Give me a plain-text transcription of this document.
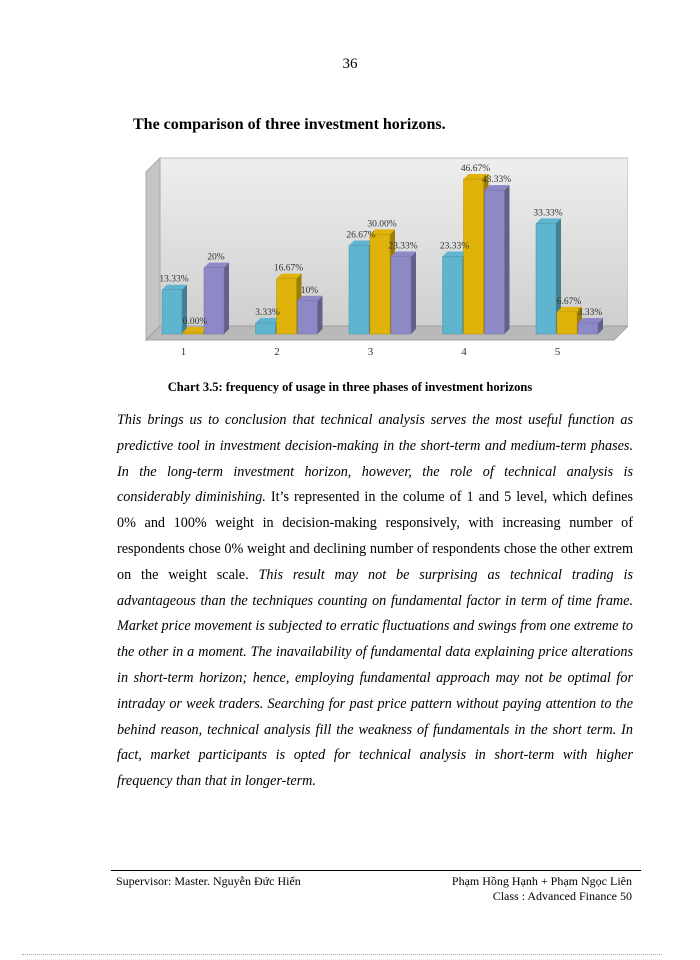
36
The comparison of three investment horizons.
13.33%
0.00%
20%
3.33%
16.67%
10%
26.67%
30.00%
23.33% 23.33%
46.67%
43.33%
33.33%
6.67%
3.33%
1	2	3	4	5
Chart 3.5: frequency of usage in three phases of investment horizons
This brings us to conclusion that technical analysis serves the most useful function as predictive tool in investment decision-making in the short-term and medium-term phases. In the long-term investment horizon, however, the role of technical analysis is considerably diminishing. It’s represented in the colume of 1 and 5 level, which defines 0% and 100% weight in decision-making responsively, with increasing number of respondents chose 0% weight and declining number of respondents chose the other extrem on the weight scale. This result may not be surprising as technical trading is advantageous than the techniques counting on fundamental factor in term of time frame. Market price movement is subjected to erratic fluctuations and swings from one extreme to the other in a moment. The inavailability of fundamental data explaining price alterations in short-term horizon; hence, employing fundamental approach may not be optimal for intraday or week traders. Searching for past price pattern without paying attention to the behind reason, technical analysis fill the weakness of fundamentals in the short term. In fact, market participants is opted for technical analysis in short-term with higher frequency than that in longer-term.
Supervisor: Master. Nguyễn Đức Hiển	Phạm Hồng Hạnh + Phạm Ngọc Liên
Class : Advanced Finance 50
